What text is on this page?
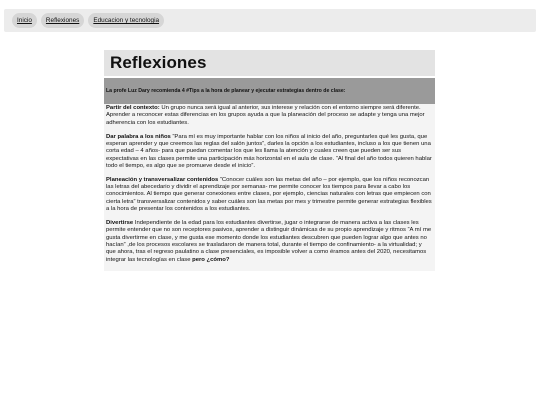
Inicio	Reflexiones	Educacion y tecnologia
Reflexiones

La profe Luz Dary recomienda 4 #Tips a la hora de planear y ejecutar estrategias dentro de clase:

Partir del contexto: Un grupo nunca será igual al anterior, sus interese y relación con el entorno siempre será diferente. Aprender a reconocer estas diferencias en los grupos ayuda a que la planeación del proceso se adapte y tenga una mejor adherencia con los estudiantes.

Dar palabra a los niños “Para mí es muy importante hablar con los niños al inicio del año, preguntarles qué les gusta, que esperan aprender y que creemos las reglas del salón juntos”, darles la opción a los estudiantes, incluso a los que tienen una corta edad – 4 años- para que puedan comentar los que les llama la atención y cuales creen que pueden ser sus expectativas en las clases permite una participación más horizontal en el aula de clase. “Al final del año todos quieren hablar todo el tiempo, es algo que se promueve desde el inicio”.

Planeación y transversalizar contenidos “Conocer cuáles son las metas del año – por ejemplo, que los niños reconozcan las letras del abecedario y dividir el aprendizaje por semanas- me permite conocer los tiempos para llevar a cabo los conocimientos. Al tiempo que generar conexiones entre clases, por ejemplo, ciencias naturales con letras que empiecen con cierta letra” transversalizar contenidos y saber cuáles son las metas por mes y trimestre permite generar estrategias flexibles a la hora de presentar los contenidos a los estudiantes.

Divertirse Independiente de la edad para los estudiantes divertirse, jugar o integrarse de manera activa a las clases les permite entender que no son receptores pasivos, aprender a distinguir dinámicas de su propio aprendizaje y ritmos “A mí me gusta divertirme en clase, y me gusta ese momento donde los estudiantes descubren que pueden lograr algo que antes no hacían” ,de los procesos escolares se trasladaron de manera total, durante el tiempo de confinamiento- a la virtualidad; y que ahora, tras el regreso paulatino a clase presenciales, es imposible volver a como éramos antes del 2020, necesitamos integrar las tecnologías en clase pero ¿cómo?
